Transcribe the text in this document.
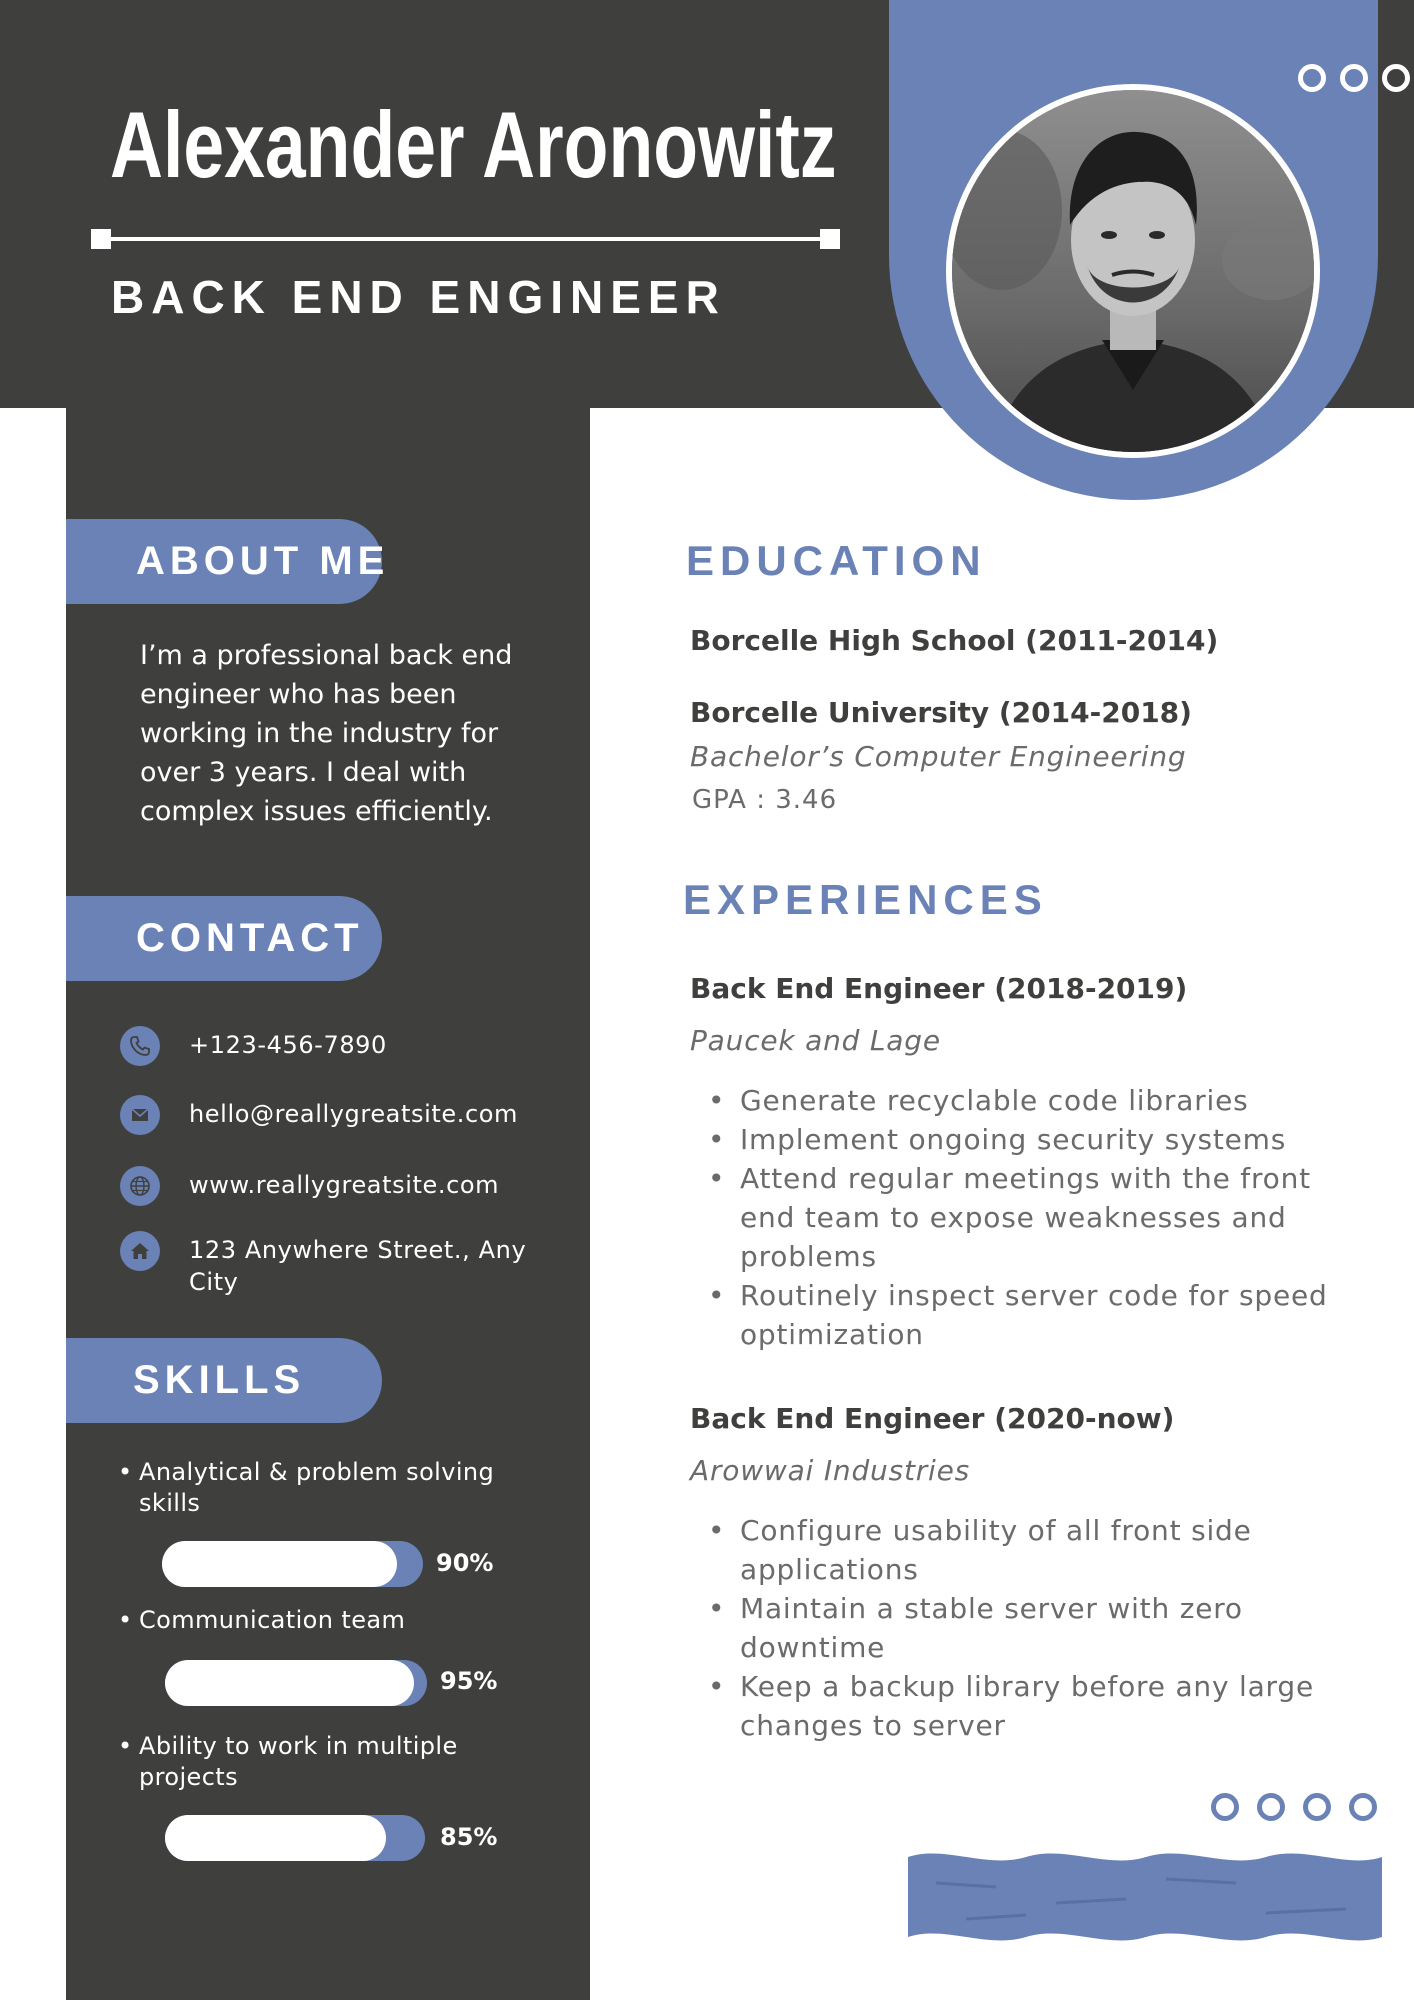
Alexander Aronowitz
BACK END ENGINEER
ABOUT ME

I’m a professional back end engineer who has been working in the industry for over 3 years. I deal with complex issues efficiently.

CONTACT
+123-456-7890
hello@reallygreatsite.com
www.reallygreatsite.com
123 Anywhere Street., Any City
SKILLS
• Analytical & problem solving skills
90%
• Communication team
95%
• Ability to work in multiple projects
85%
EDUCATION
Borcelle High School (2011-2014)
Borcelle University (2014-2018)
Bachelor’s Computer Engineering
GPA : 3.46
EXPERIENCES
Back End Engineer (2018-2019)
Paucek and Lage
• Generate recyclable code libraries
• Implement ongoing security systems
• Attend regular meetings with the front end team to expose weaknesses and problems
• Routinely inspect server code for speed optimization
Back End Engineer (2020-now)
Arowwai Industries
• Configure usability of all front side applications
• Maintain a stable server with zero downtime
• Keep a backup library before any large changes to server
